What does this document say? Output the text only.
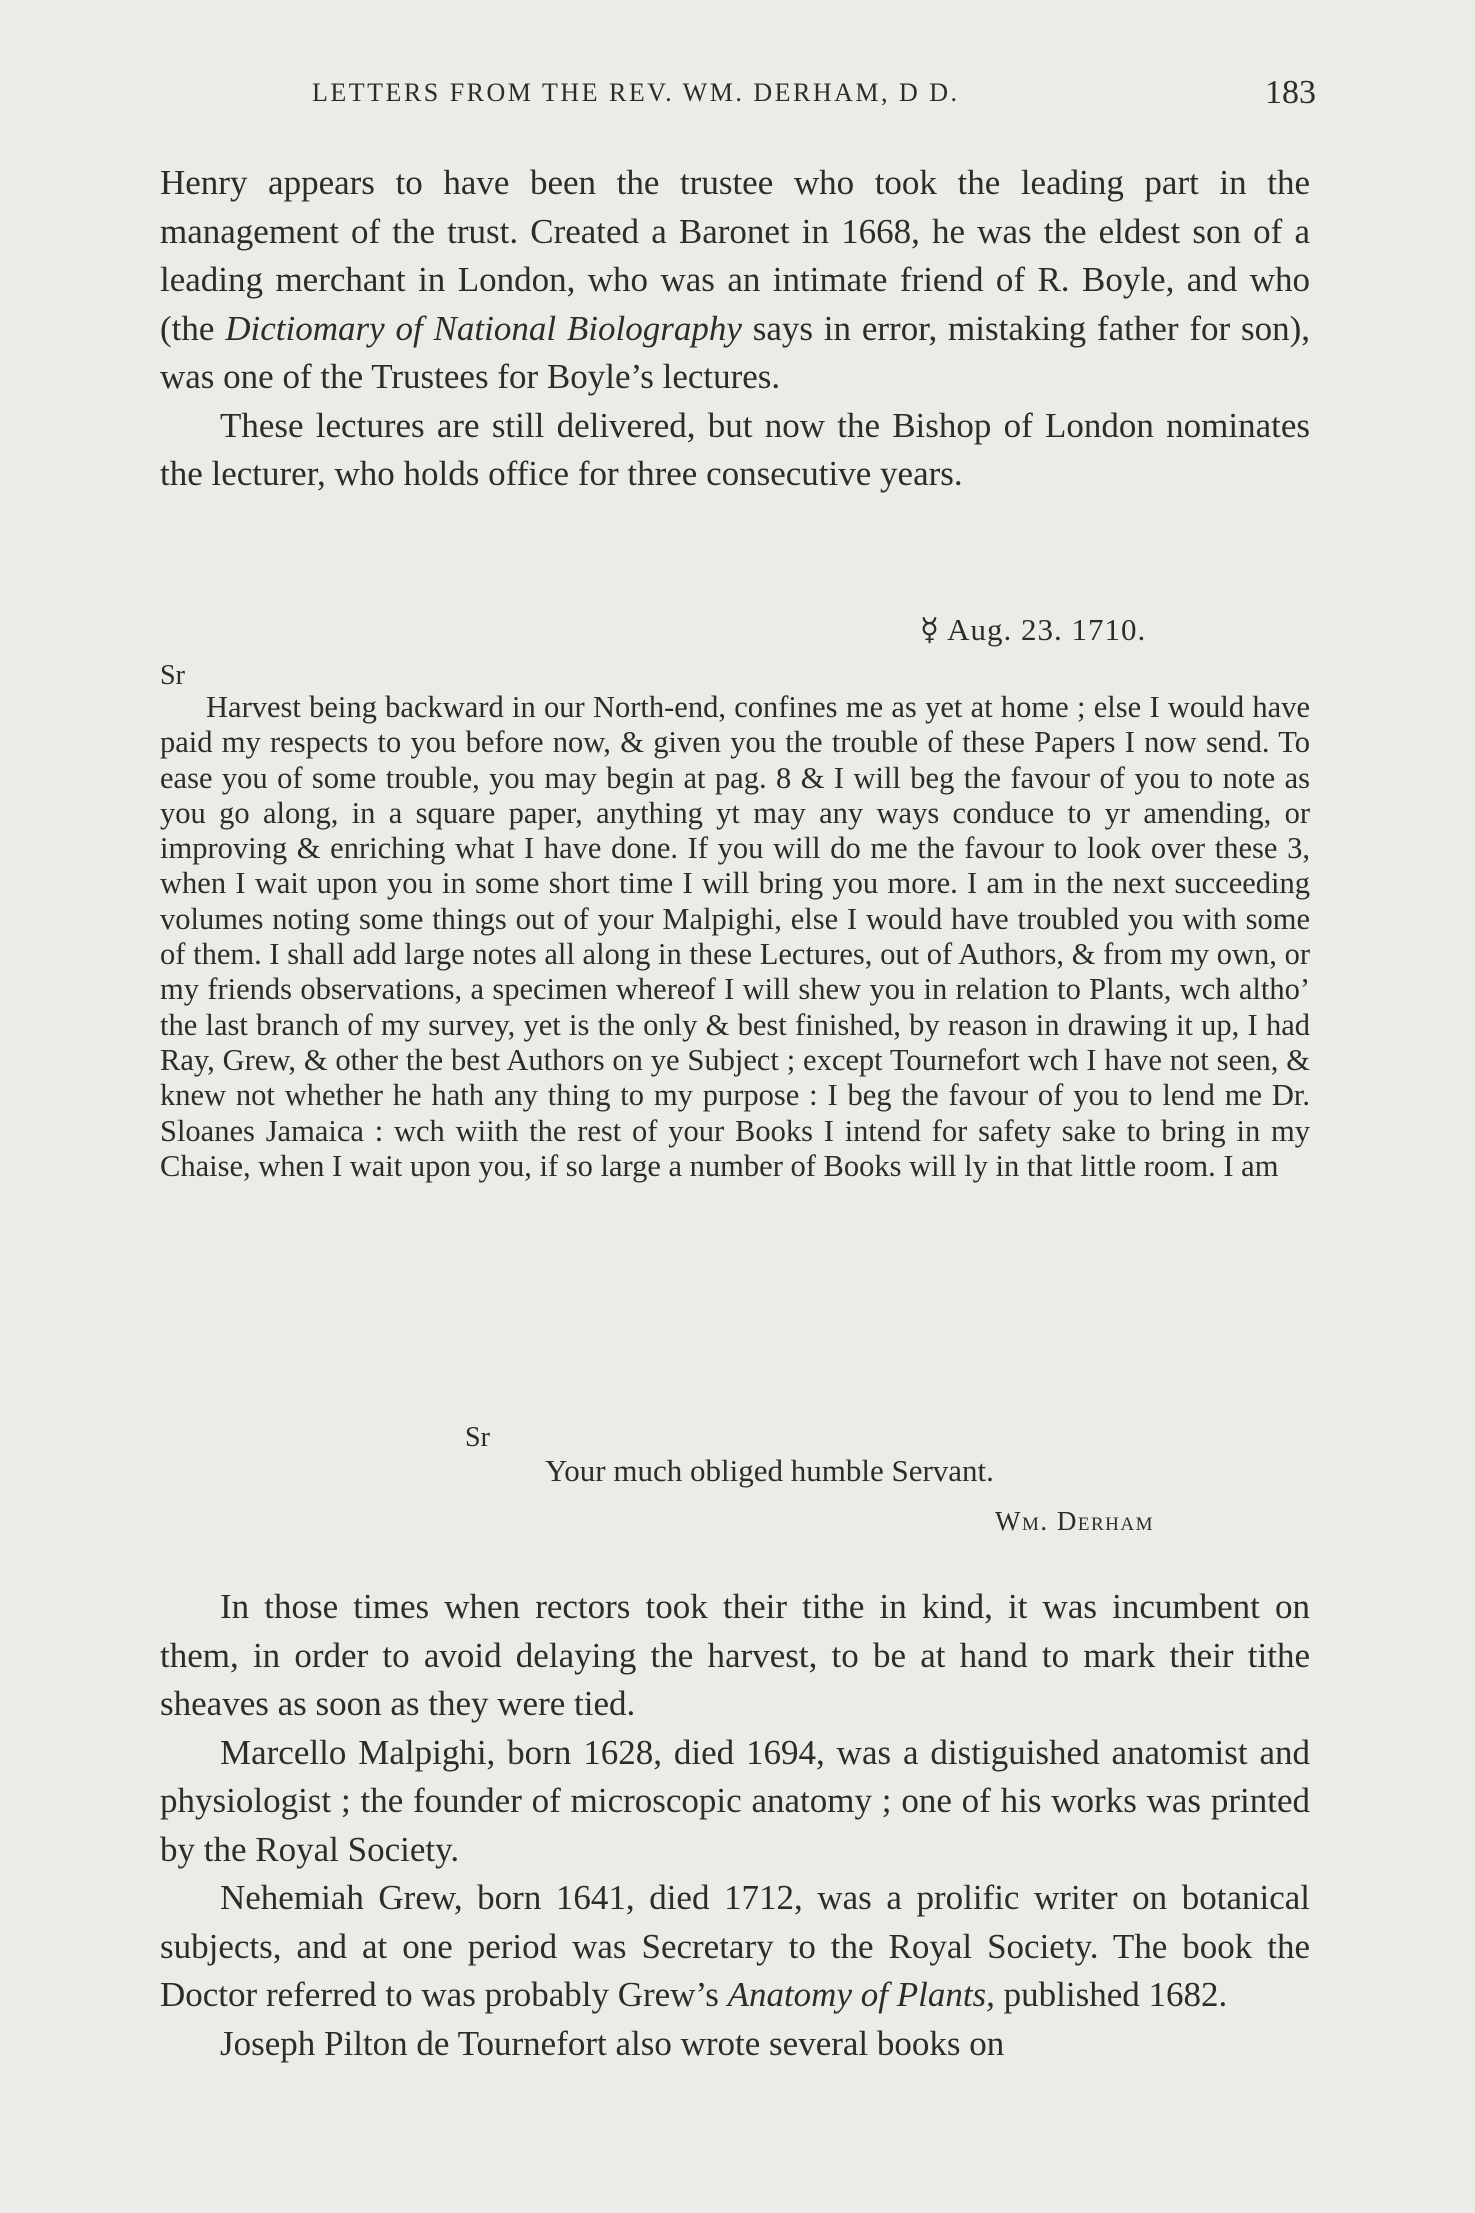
LETTERS FROM THE REV. WM. DERHAM, D D.	183

Henry appears to have been the trustee who took the leading part in the management of the trust. Created a Baronet in 1668, he was the eldest son of a leading merchant in London, who was an intimate friend of R. Boyle, and who (the Dictiomary of National Biolography says in error, mistaking father for son), was one of the Trustees for Boyle’s lectures.

These lectures are still delivered, but now the Bishop of London nominates the lecturer, who holds office for three consecutive years.

☿ Aug. 23. 1710.
Sr

Harvest being backward in our North-end, confines me as yet at home ; else I would have paid my respects to you before now, & given you the trouble of these Papers I now send. To ease you of some trouble, you may begin at pag. 8 & I will beg the favour of you to note as you go along, in a square paper, anything yt may any ways conduce to yr amending, or improving & enriching what I have done. If you will do me the favour to look over these 3, when I wait upon you in some short time I will bring you more. I am in the next succeeding volumes noting some things out of your Malpighi, else I would have troubled you with some of them. I shall add large notes all along in these Lectures, out of Authors, & from my own, or my friends observations, a specimen whereof I will shew you in relation to Plants, wch altho’ the last branch of my survey, yet is the only & best finished, by reason in drawing it up, I had Ray, Grew, & other the best Authors on ye Subject ; except Tournefort wch I have not seen, & knew not whether he hath any thing to my purpose : I beg the favour of you to lend me Dr. Sloanes Jamaica : wch wiith the rest of your Books I intend for safety sake to bring in my Chaise, when I wait upon you, if so large a number of Books will ly in that little room. I am

Sr
Your much obliged humble Servant.
Wm. Derham

In those times when rectors took their tithe in kind, it was incumbent on them, in order to avoid delaying the harvest, to be at hand to mark their tithe sheaves as soon as they were tied.

Marcello Malpighi, born 1628, died 1694, was a distiguished anatomist and physiologist ; the founder of microscopic anatomy ; one of his works was printed by the Royal Society.

Nehemiah Grew, born 1641, died 1712, was a prolific writer on botanical subjects, and at one period was Secretary to the Royal Society. The book the Doctor referred to was probably Grew’s Anatomy of Plants, published 1682.

Joseph Pilton de Tournefort also wrote several books on
